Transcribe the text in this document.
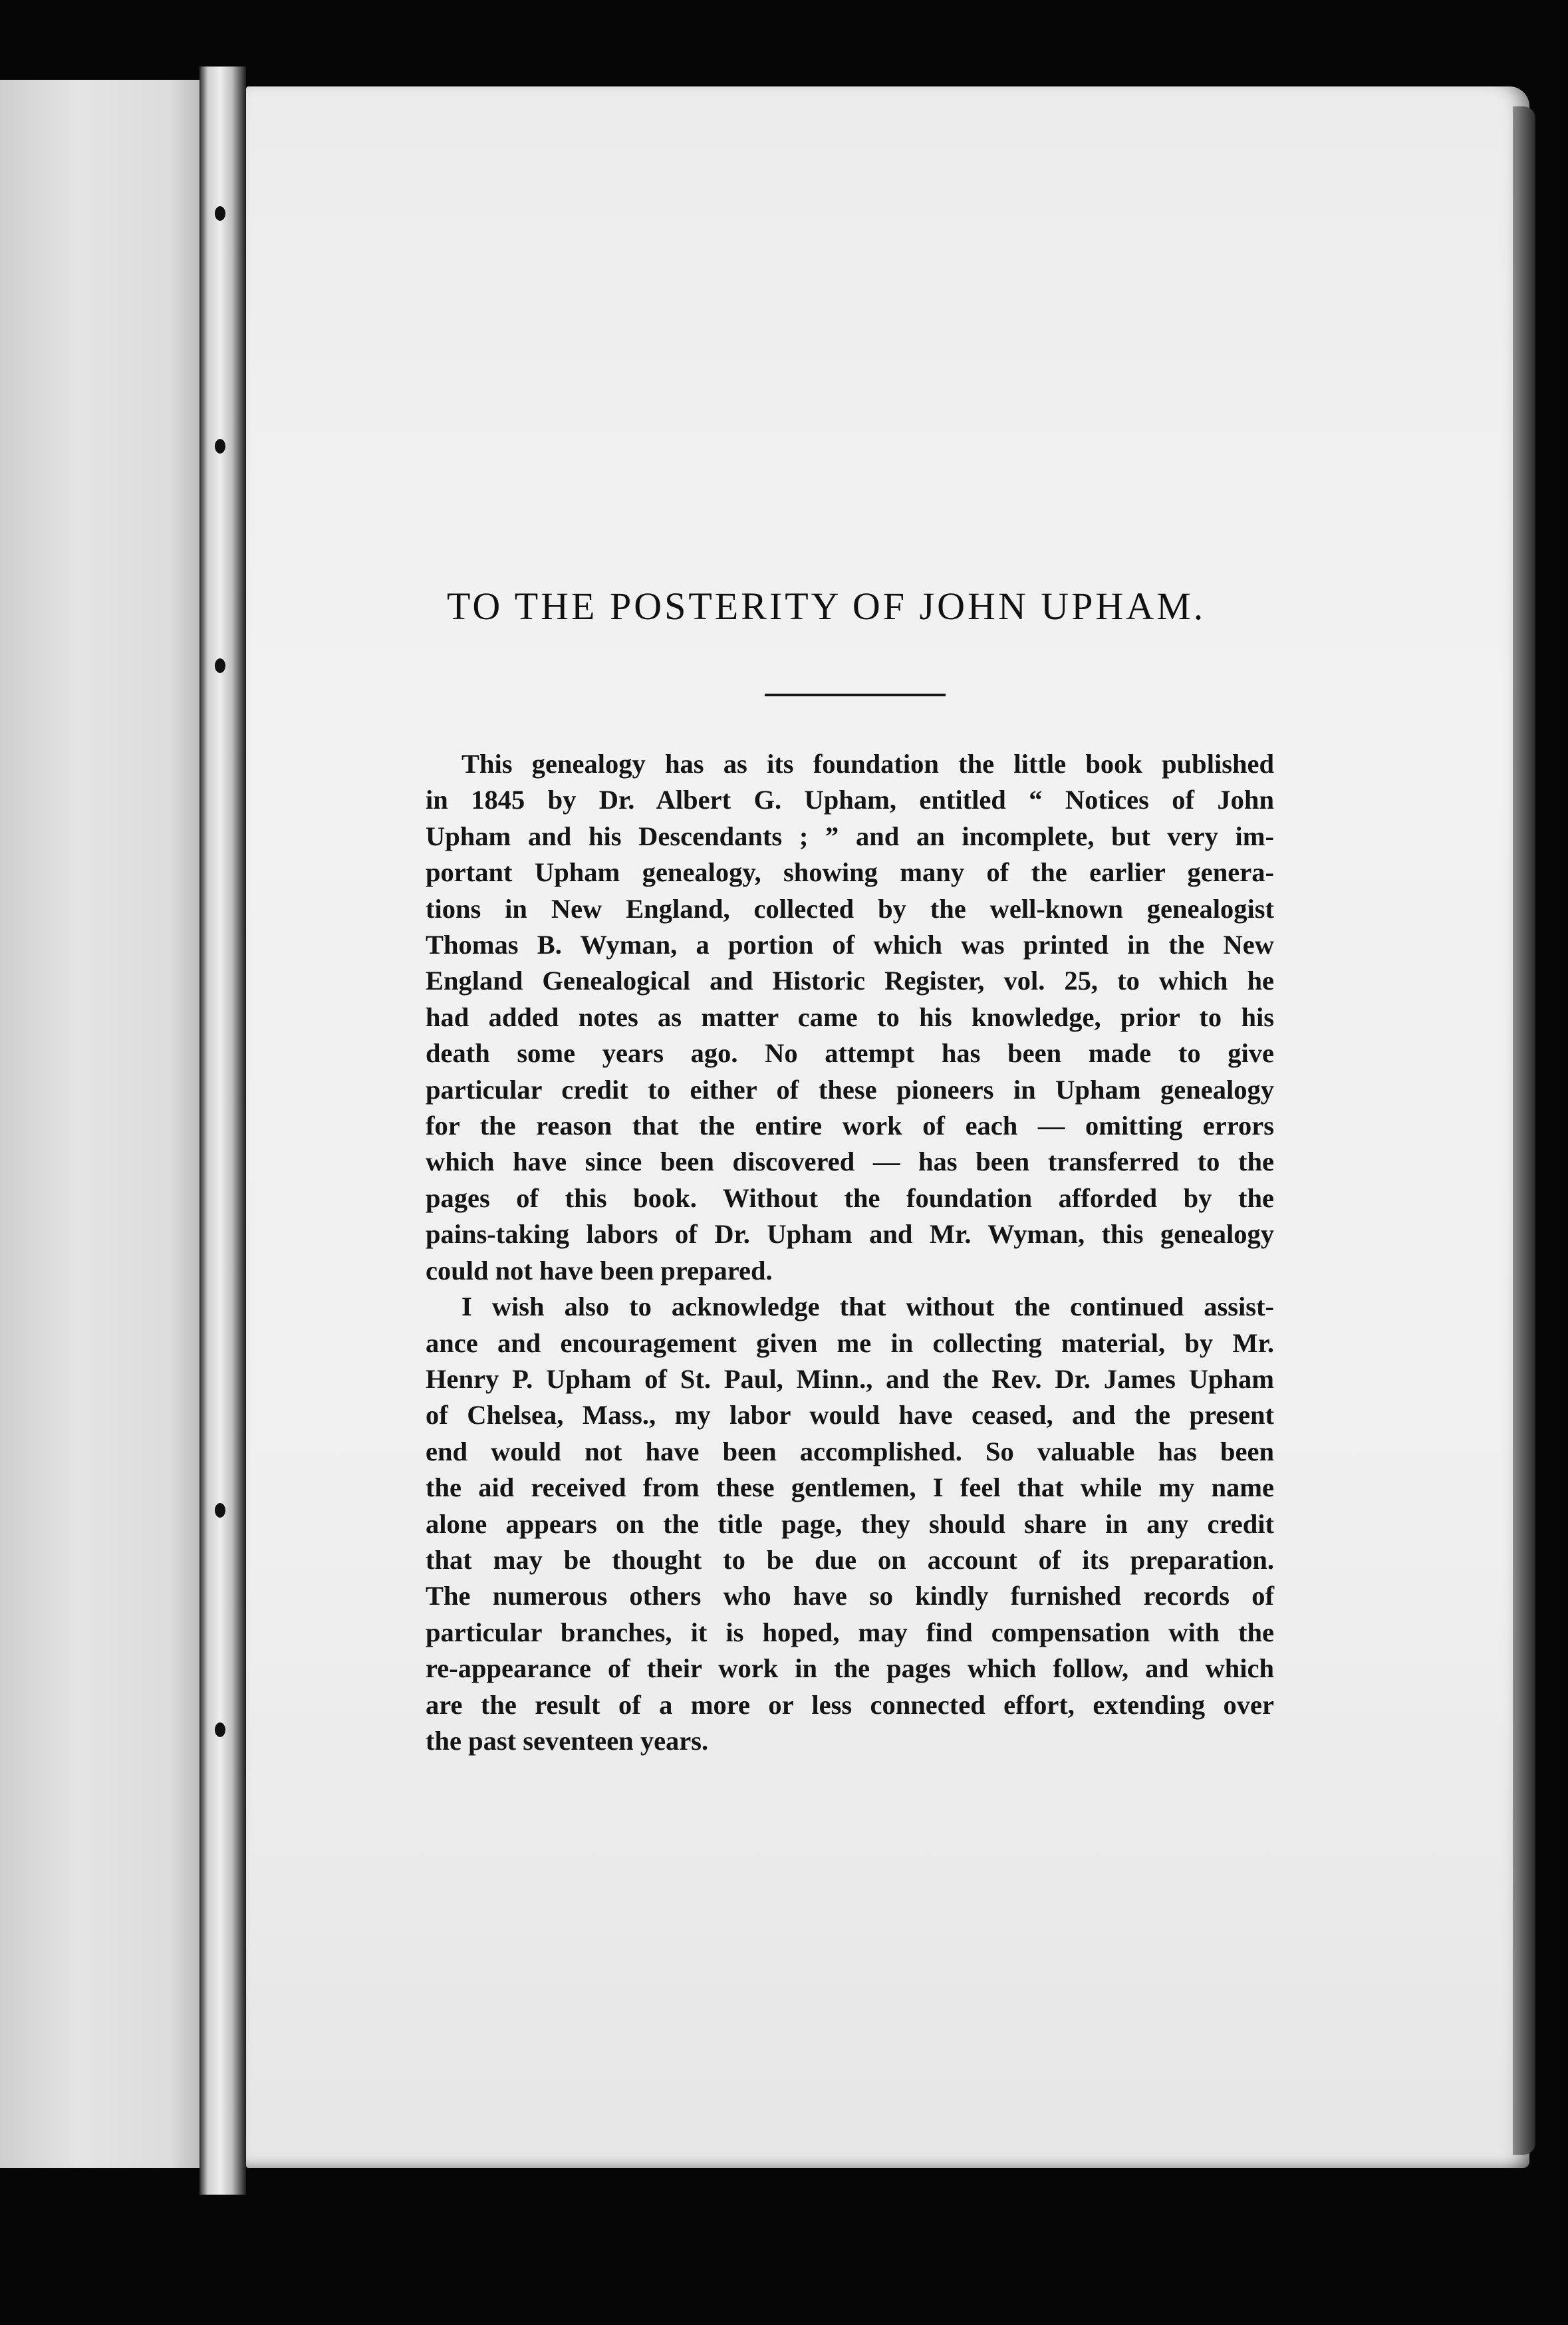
TO THE POSTERITY OF JOHN UPHAM.
This genealogy has as its foundation the little book published
in 1845 by Dr. Albert G. Upham, entitled “ Notices of John
Upham and his Descendants ; ” and an incomplete, but very im-
portant Upham genealogy, showing many of the earlier genera-
tions in New England, collected by the well-known genealogist
Thomas B. Wyman, a portion of which was printed in the New
England Genealogical and Historic Register, vol. 25, to which he
had added notes as matter came to his knowledge, prior to his
death some years ago. No attempt has been made to give
particular credit to either of these pioneers in Upham genealogy
for the reason that the entire work of each — omitting errors
which have since been discovered — has been transferred to the
pages of this book. Without the foundation afforded by the
pains-taking labors of Dr. Upham and Mr. Wyman, this genealogy
could not have been prepared.
I wish also to acknowledge that without the continued assist-
ance and encouragement given me in collecting material, by Mr.
Henry P. Upham of St. Paul, Minn., and the Rev. Dr. James Upham
of Chelsea, Mass., my labor would have ceased, and the present
end would not have been accomplished. So valuable has been
the aid received from these gentlemen, I feel that while my name
alone appears on the title page, they should share in any credit
that may be thought to be due on account of its preparation.
The numerous others who have so kindly furnished records of
particular branches, it is hoped, may find compensation with the
re-appearance of their work in the pages which follow, and which
are the result of a more or less connected effort, extending over
the past seventeen years.
